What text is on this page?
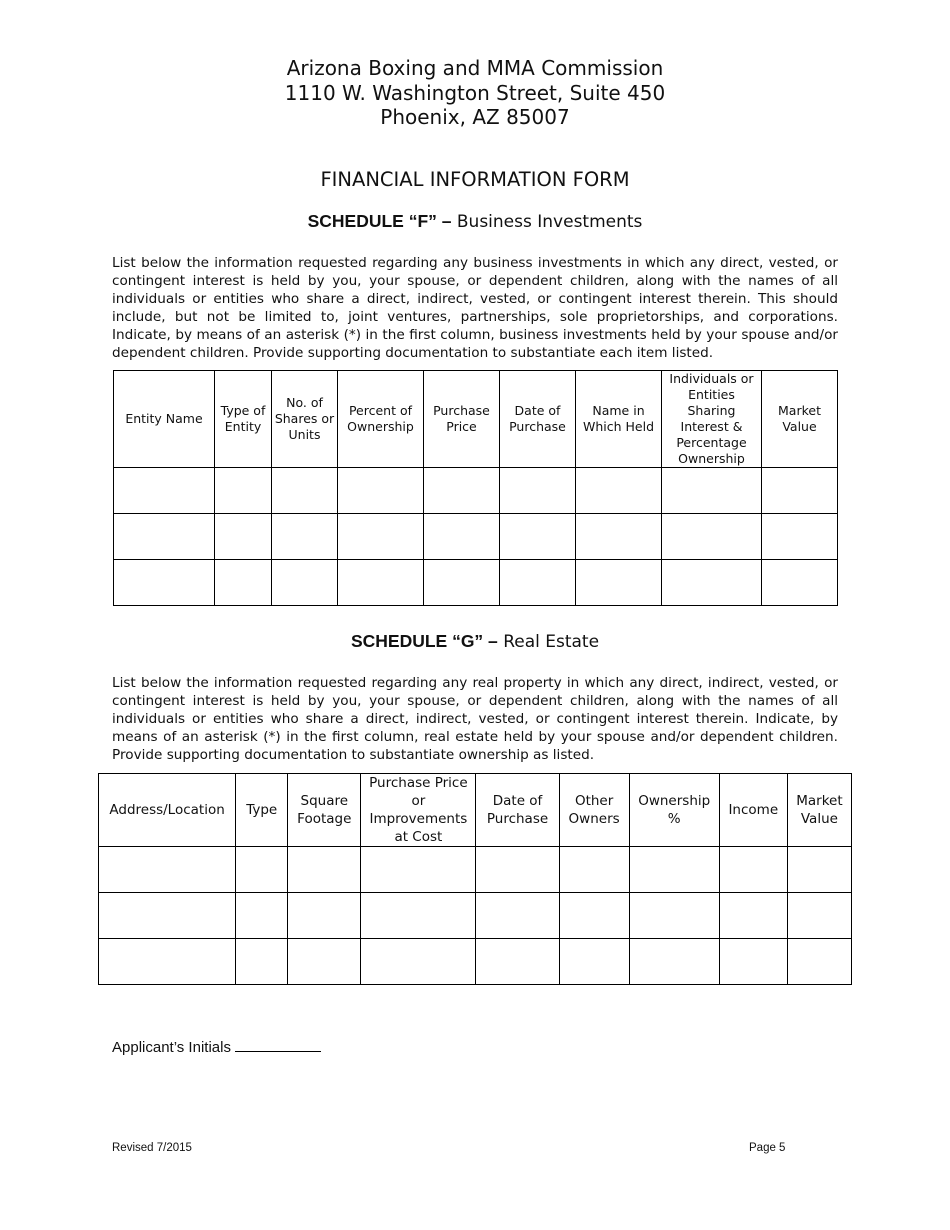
Arizona Boxing and MMA Commission
1110 W. Washington Street, Suite 450
Phoenix, AZ 85007
FINANCIAL INFORMATION FORM
SCHEDULE “F” – Business Investments
List below the information requested regarding any business investments in which any direct, vested, or contingent interest is held by you, your spouse, or dependent children, along with the names of all individuals or entities who share a direct, indirect, vested, or contingent interest therein. This should include, but not be limited to, joint ventures, partnerships, sole proprietorships, and corporations. Indicate, by means of an asterisk (*) in the first column, business investments held by your spouse and/or dependent children. Provide supporting documentation to substantiate each item listed.
Entity Name	Type of Entity	No. of Shares or Units	Percent of Ownership	Purchase Price	Date of Purchase	Name in Which Held	Individuals or Entities Sharing Interest & Percentage Ownership	Market Value

SCHEDULE “G” – Real Estate
List below the information requested regarding any real property in which any direct, indirect, vested, or contingent interest is held by you, your spouse, or dependent children, along with the names of all individuals or entities who share a direct, indirect, vested, or contingent interest therein. Indicate, by means of an asterisk (*) in the first column, real estate held by your spouse and/or dependent children. Provide supporting documentation to substantiate ownership as listed.
Address/Location	Type	Square Footage	Purchase Price or Improvements at Cost	Date of Purchase	Other Owners	Ownership %	Income	Market Value

Applicant’s Initials
Revised 7/2015	Page 5
